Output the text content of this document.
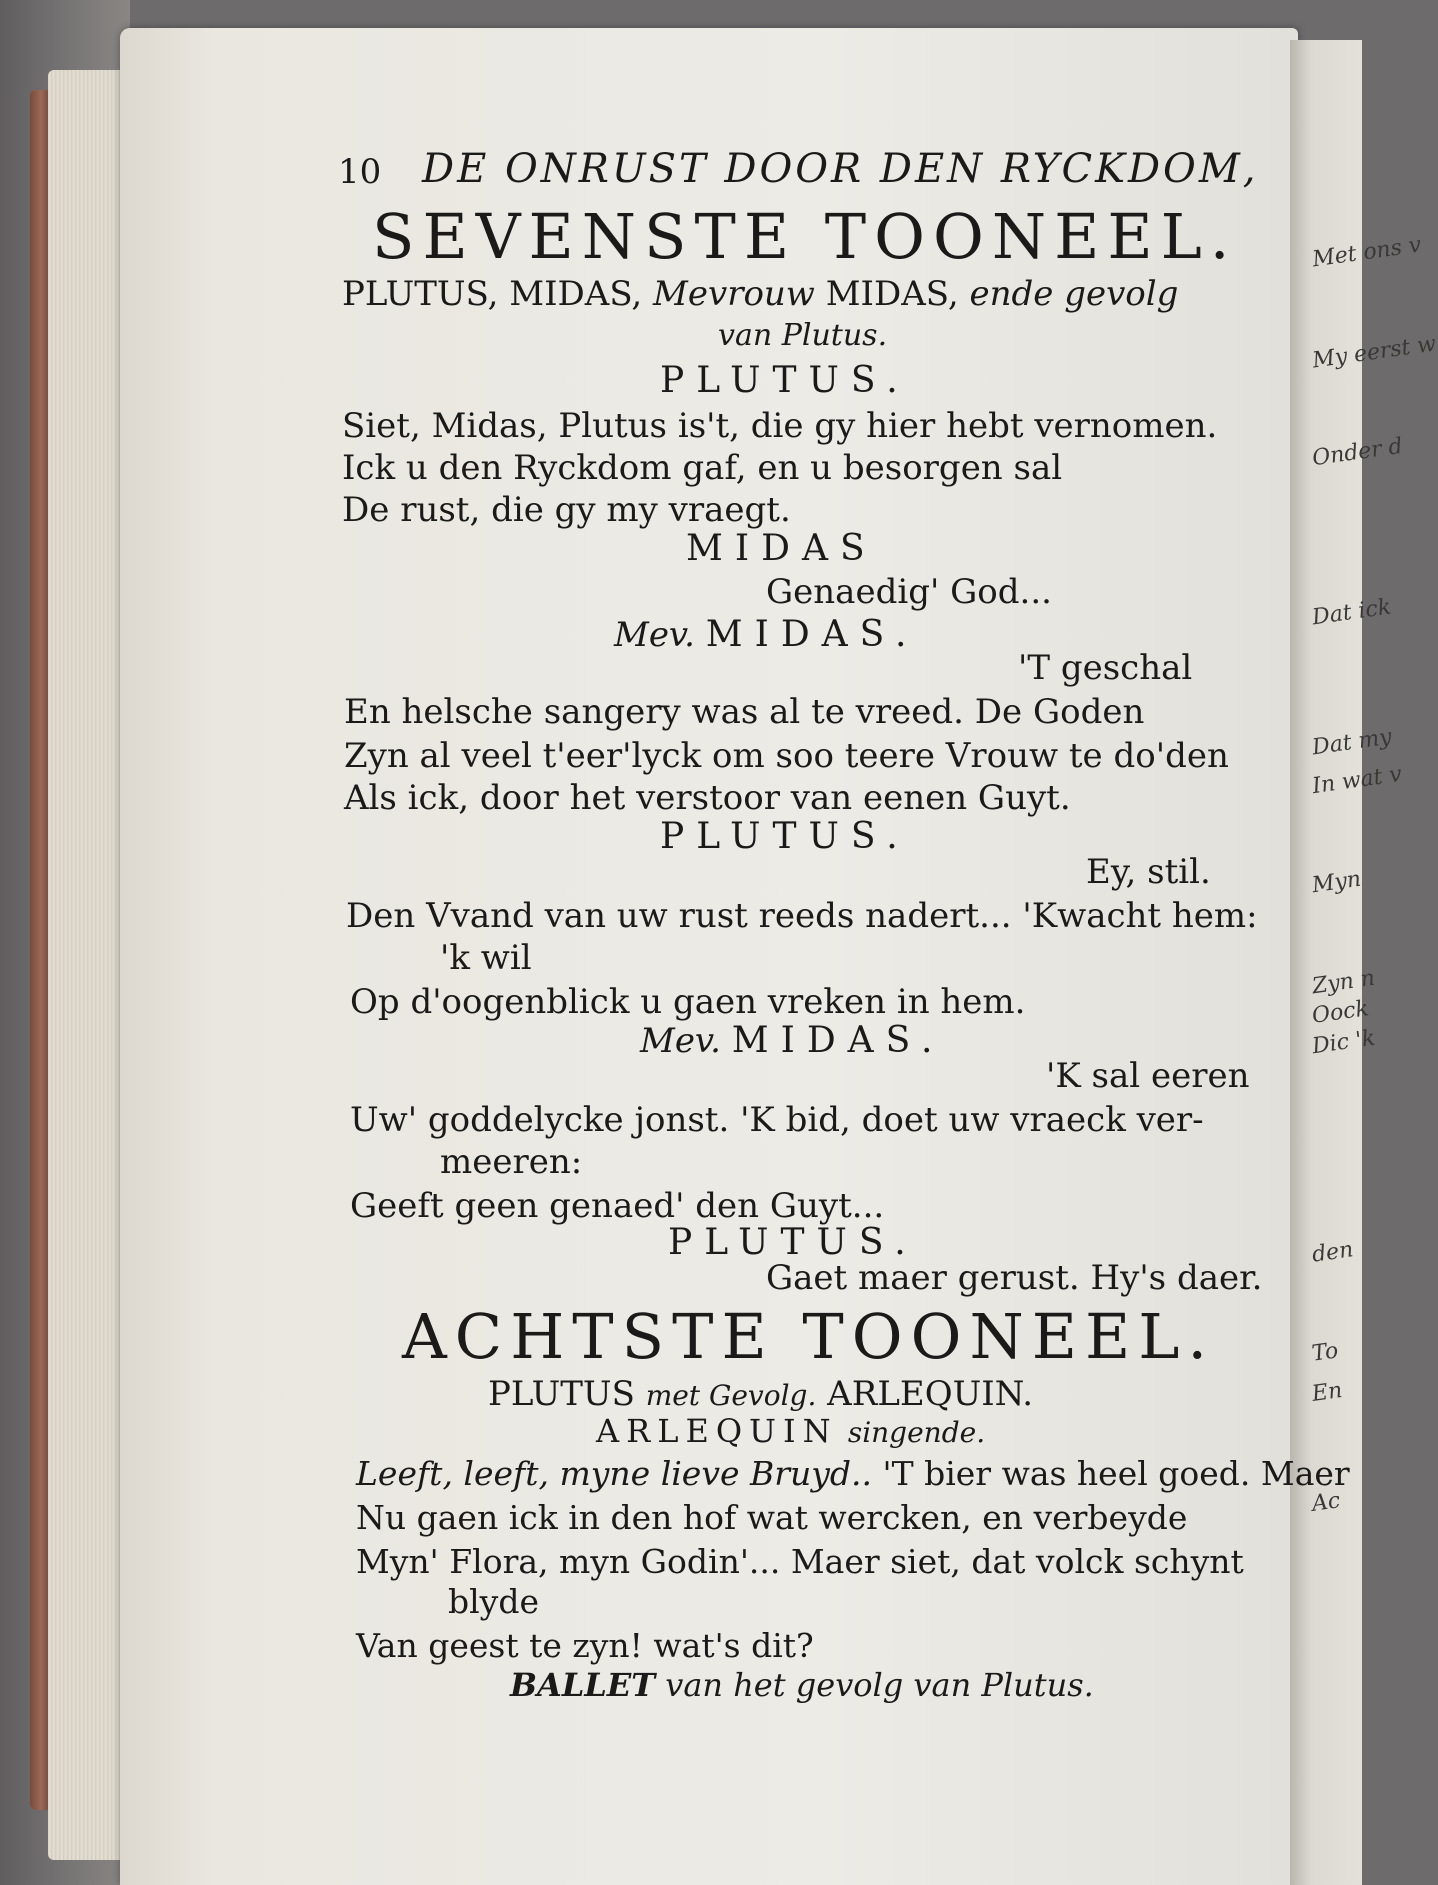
Met ons v
My eerst w
Onder d
Dat ick
Dat my
In wat v
Myn
Zyn n
Oock
Dic 'k
den
To
En
Ac
10 DE ONRUST DOOR DEN RYCKDOM,
SEVENSTE TOONEEL.
PLUTUS, MIDAS, Mevrouw MIDAS, ende gevolg
van Plutus.
PLUTUS.
Siet, Midas, Plutus is't, die gy hier hebt vernomen.
Ick u den Ryckdom gaf, en u besorgen sal
De rust, die gy my vraegt.
MIDAS
Genaedig' God...
Mev. MIDAS.
'T geschal
En helsche sangery was al te vreed. De Goden
Zyn al veel t'eer'lyck om soo teere Vrouw te do'den
Als ick, door het verstoor van eenen Guyt.
PLUTUS.
Ey, stil.
Den Vvand van uw rust reeds nadert... 'Kwacht hem:
'k wil
Op d'oogenblick u gaen vreken in hem.
Mev. MIDAS.
'K sal eeren
Uw' goddelycke jonst. 'K bid, doet uw vraeck ver-
meeren:
Geeft geen genaed' den Guyt...
PLUTUS.
Gaet maer gerust. Hy's daer.
ACHTSTE TOONEEL.
PLUTUS met Gevolg. ARLEQUIN.
ARLEQUIN singende.
Leeft, leeft, myne lieve Bruyd.. 'T bier was heel goed. Maer
Nu gaen ick in den hof wat wercken, en verbeyde
Myn' Flora, myn Godin'... Maer siet, dat volck schynt
blyde
Van geest te zyn! wat's dit?
BALLET van het gevolg van Plutus.
